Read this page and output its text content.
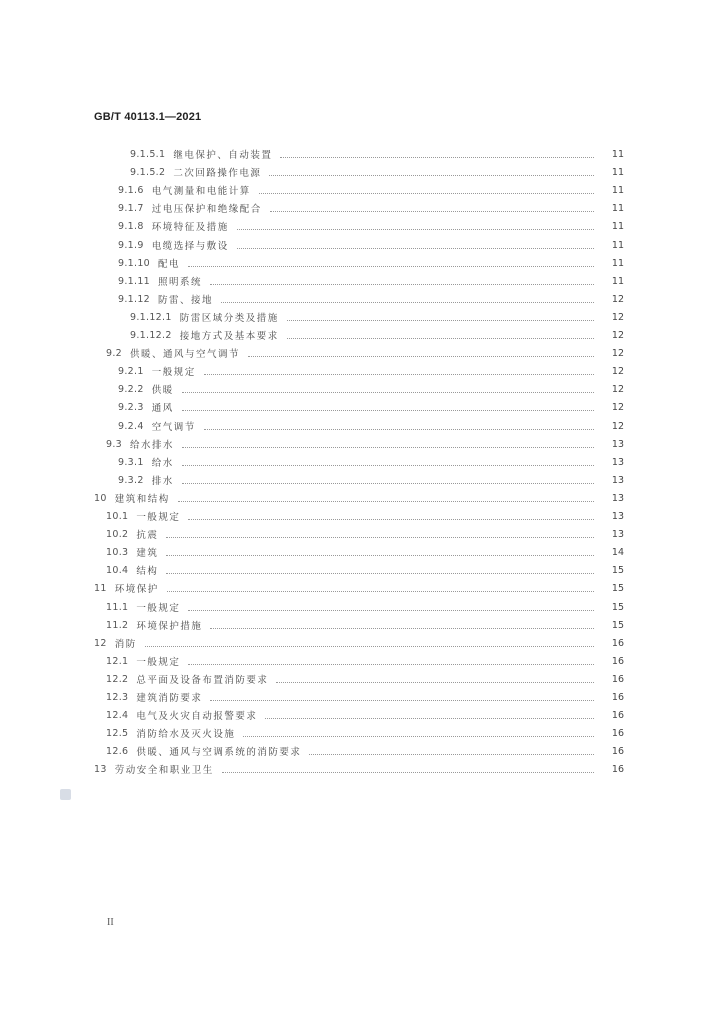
GB/T 40113.1—2021
9.1.5.1 继电保护、自动装置	11
9.1.5.2 二次回路操作电源	11
9.1.6 电气测量和电能计算	11
9.1.7 过电压保护和绝缘配合	11
9.1.8 环境特征及措施	11
9.1.9 电缆选择与敷设	11
9.1.10 配电	11
9.1.11 照明系统	11
9.1.12 防雷、接地	12
9.1.12.1 防雷区域分类及措施	12
9.1.12.2 接地方式及基本要求	12
9.2 供暖、通风与空气调节	12
9.2.1 一般规定	12
9.2.2 供暖	12
9.2.3 通风	12
9.2.4 空气调节	12
9.3 给水排水	13
9.3.1 给水	13
9.3.2 排水	13
10 建筑和结构	13
10.1 一般规定	13
10.2 抗震	13
10.3 建筑	14
10.4 结构	15
11 环境保护	15
11.1 一般规定	15
11.2 环境保护措施	15
12 消防	16
12.1 一般规定	16
12.2 总平面及设备布置消防要求	16
12.3 建筑消防要求	16
12.4 电气及火灾自动报警要求	16
12.5 消防给水及灭火设施	16
12.6 供暖、通风与空调系统的消防要求	16
13 劳动安全和职业卫生	16
II
